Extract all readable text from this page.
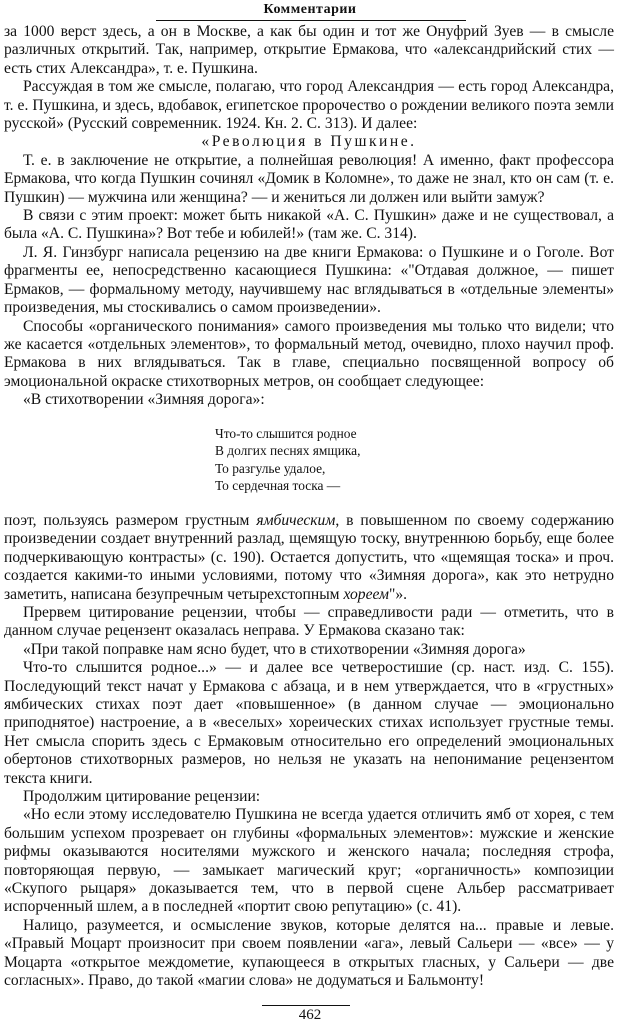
Комментарии

за 1000 верст здесь, а он в Москве, а как бы один и тот же Онуфрий Зуев — в смысле различных открытий. Так, например, открытие Ермакова, что «александрийский стих — есть стих Александра», т. е. Пушкина.

Рассуждая в том же смысле, полагаю, что город Александрия — есть город Александра, т. е. Пушкина, и здесь, вдобавок, египетское пророчество о рождении великого поэта земли русской» (Русский современник. 1924. Кн. 2. С. 313). И далее:

«Революция в Пушкине.

Т. е. в заключение не открытие, а полнейшая революция! А именно, факт профессора Ермакова, что когда Пушкин сочинял «Домик в Коломне», то даже не знал, кто он сам (т. е. Пушкин) — мужчина или женщина? — и жениться ли должен или выйти замуж?

В связи с этим проект: может быть никакой «А. С. Пушкин» даже и не существовал, а была «А. С. Пушкина»? Вот тебе и юбилей!» (там же. С. 314).

Л. Я. Гинзбург написала рецензию на две книги Ермакова: о Пушкине и о Гоголе. Вот фрагменты ее, непосредственно касающиеся Пушкина: «"Отдавая должное, — пишет Ермаков, — формальному методу, научившему нас вглядываться в «отдельные элементы» произведения, мы стоскивались о самом произведении».

Способы «органического понимания» самого произведения мы только что видели; что же касается «отдельных элементов», то формальный метод, очевидно, плохо научил проф. Ермакова в них вглядываться. Так в главе, специально посвященной вопросу об эмоциональной окраске стихотворных метров, он сообщает следующее:

«В стихотворении «Зимняя дорога»:

Что-то слышится родное
В долгих песнях ямщика,
То разгулье удалое,
То сердечная тоска —

поэт, пользуясь размером грустным ямбическим, в повышенном по своему содержанию произведении создает внутренний разлад, щемящую тоску, внутреннюю борьбу, еще более подчеркивающую контрасты» (с. 190). Остается допустить, что «щемящая тоска» и проч. создается какими-то иными условиями, потому что «Зимняя дорога», как это нетрудно заметить, написана безупречным четырехстопным хореем"».

Прервем цитирование рецензии, чтобы — справедливости ради — отметить, что в данном случае рецензент оказалась неправа. У Ермакова сказано так:

«При такой поправке нам ясно будет, что в стихотворении «Зимняя дорога»

Что-то слышится родное...» — и далее все четверостишие (ср. наст. изд. С. 155). Последующий текст начат у Ермакова с абзаца, и в нем утверждается, что в «грустных» ямбических стихах поэт дает «повышенное» (в данном случае — эмоционально приподнятое) настроение, а в «веселых» хореических стихах использует грустные темы. Нет смысла спорить здесь с Ермаковым относительно его определений эмоциональных обертонов стихотворных размеров, но нельзя не указать на непонимание рецензентом текста книги.

Продолжим цитирование рецензии:

«Но если этому исследователю Пушкина не всегда удается отличить ямб от хорея, с тем большим успехом прозревает он глубины «формальных элементов»: мужские и женские рифмы оказываются носителями мужского и женского начала; последняя строфа, повторяющая первую, — замыкает магический круг; «органичность» композиции «Скупого рыцаря» доказывается тем, что в первой сцене Альбер рассматривает испорченный шлем, а в последней «портит свою репутацию» (с. 41).

Налицо, разумеется, и осмысление звуков, которые делятся на... правые и левые. «Правый Моцарт произносит при своем появлении «ага», левый Сальери — «все» — у Моцарта «открытое междометие, купающееся в открытых гласных, у Сальери — две согласных». Право, до такой «магии слова» не додуматься и Бальмонту!

462
